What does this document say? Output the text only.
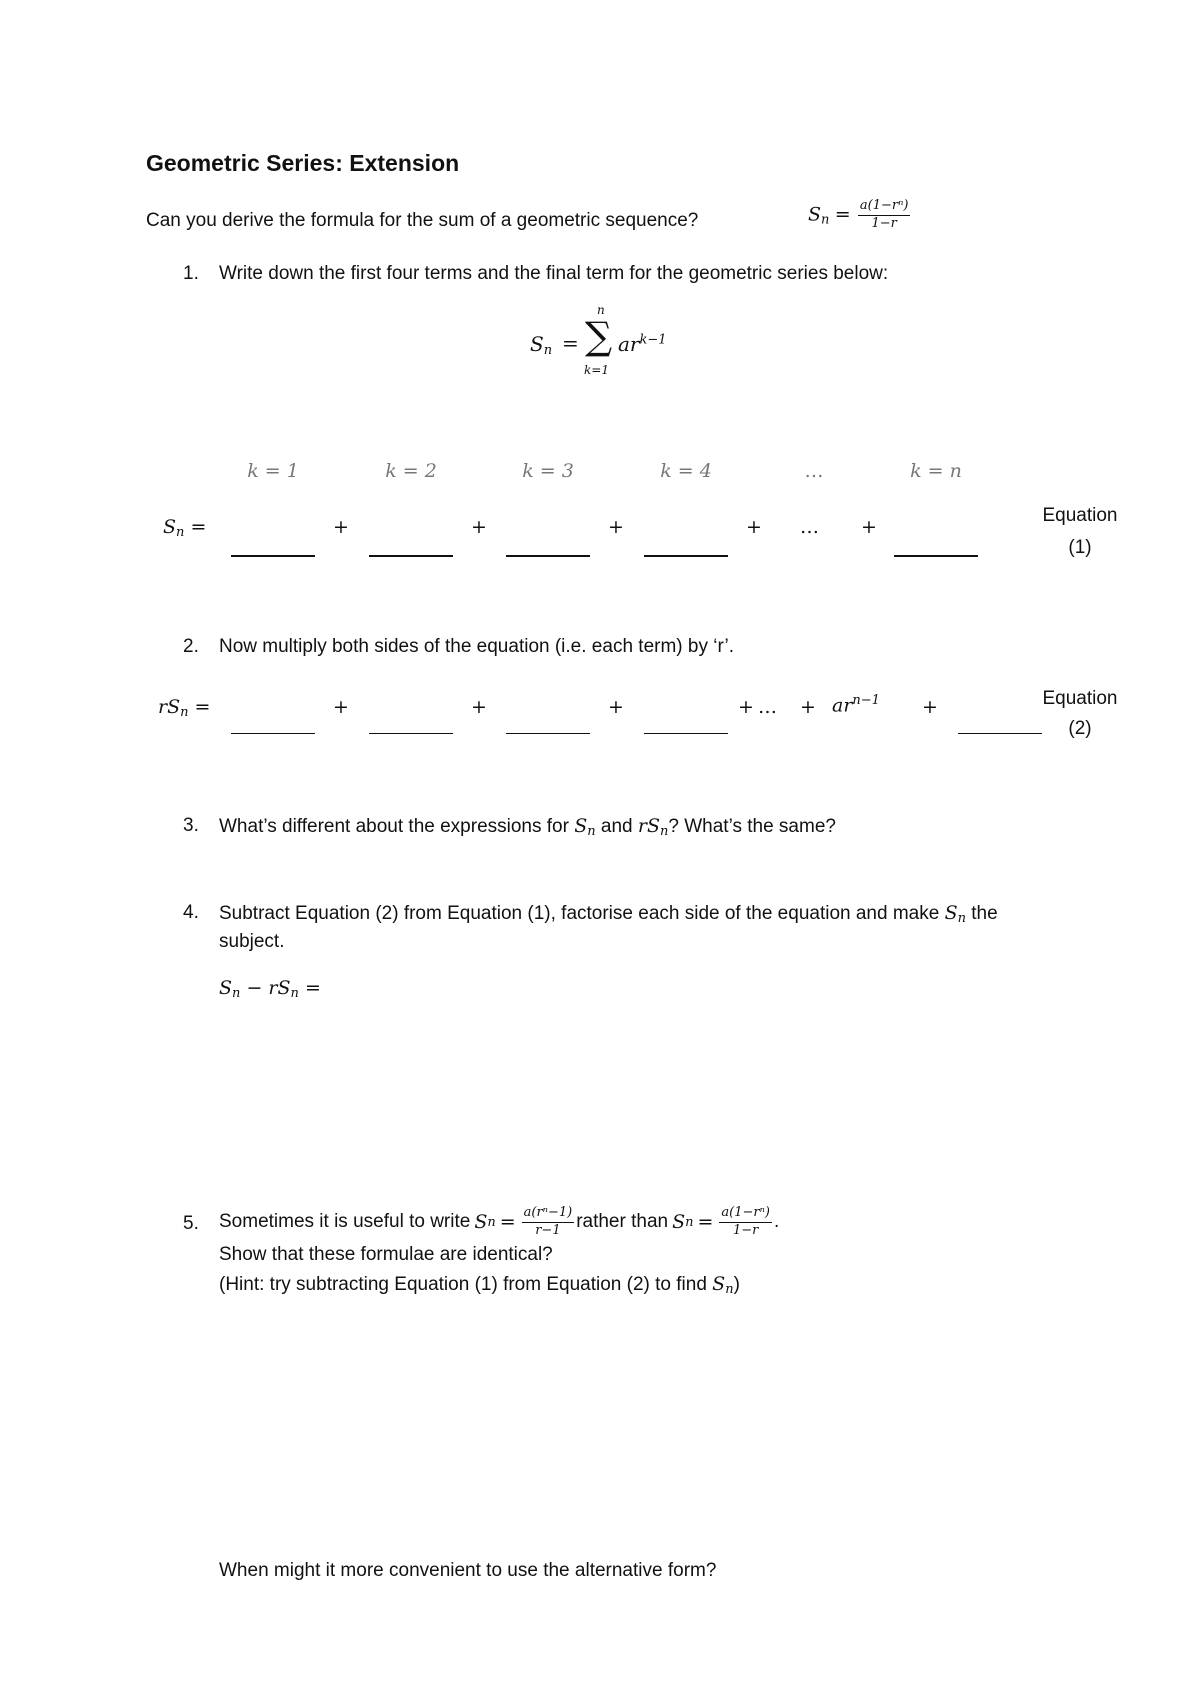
Geometric Series: Extension
Can you derive the formula for the sum of a geometric sequence?	$S_n = \frac{\text{a(1−rⁿ)}}{1-r}$
1. Write down the first four terms and the final term for the geometric series below:
$S_n$ =
n
∑
k=1
$ar^{k-1}$
k = 1	k = 2	k = 3	k = 4	…	k = n
$S_n$ =	+	+	+	+ … +
Equation
(1)
2. Now multiply both sides of the equation (i.e. each term) by ‘r’.
$rS_n$ =	+	+	+	+ … + $ar^{n-1}$ +	Equation
(2)
3. What’s different about the expressions for $S_n$ and $rS_n$? What’s the same?
4. Subtract Equation (2) from Equation (1), factorise each side of the equation and make $S_n$ the
subject.
$S_n - rS_n$ =
5. Sometimes it is useful to write S $n = \frac{\text{a(rⁿ−1)}}{r-1}$ rather than S $n = \frac{\text{a(1−rⁿ)}}{1-r}$ .
Show that these formulae are identical?
(Hint: try subtracting Equation (1) from Equation (2) to find $S_n$)
When might it more convenient to use the alternative form?
